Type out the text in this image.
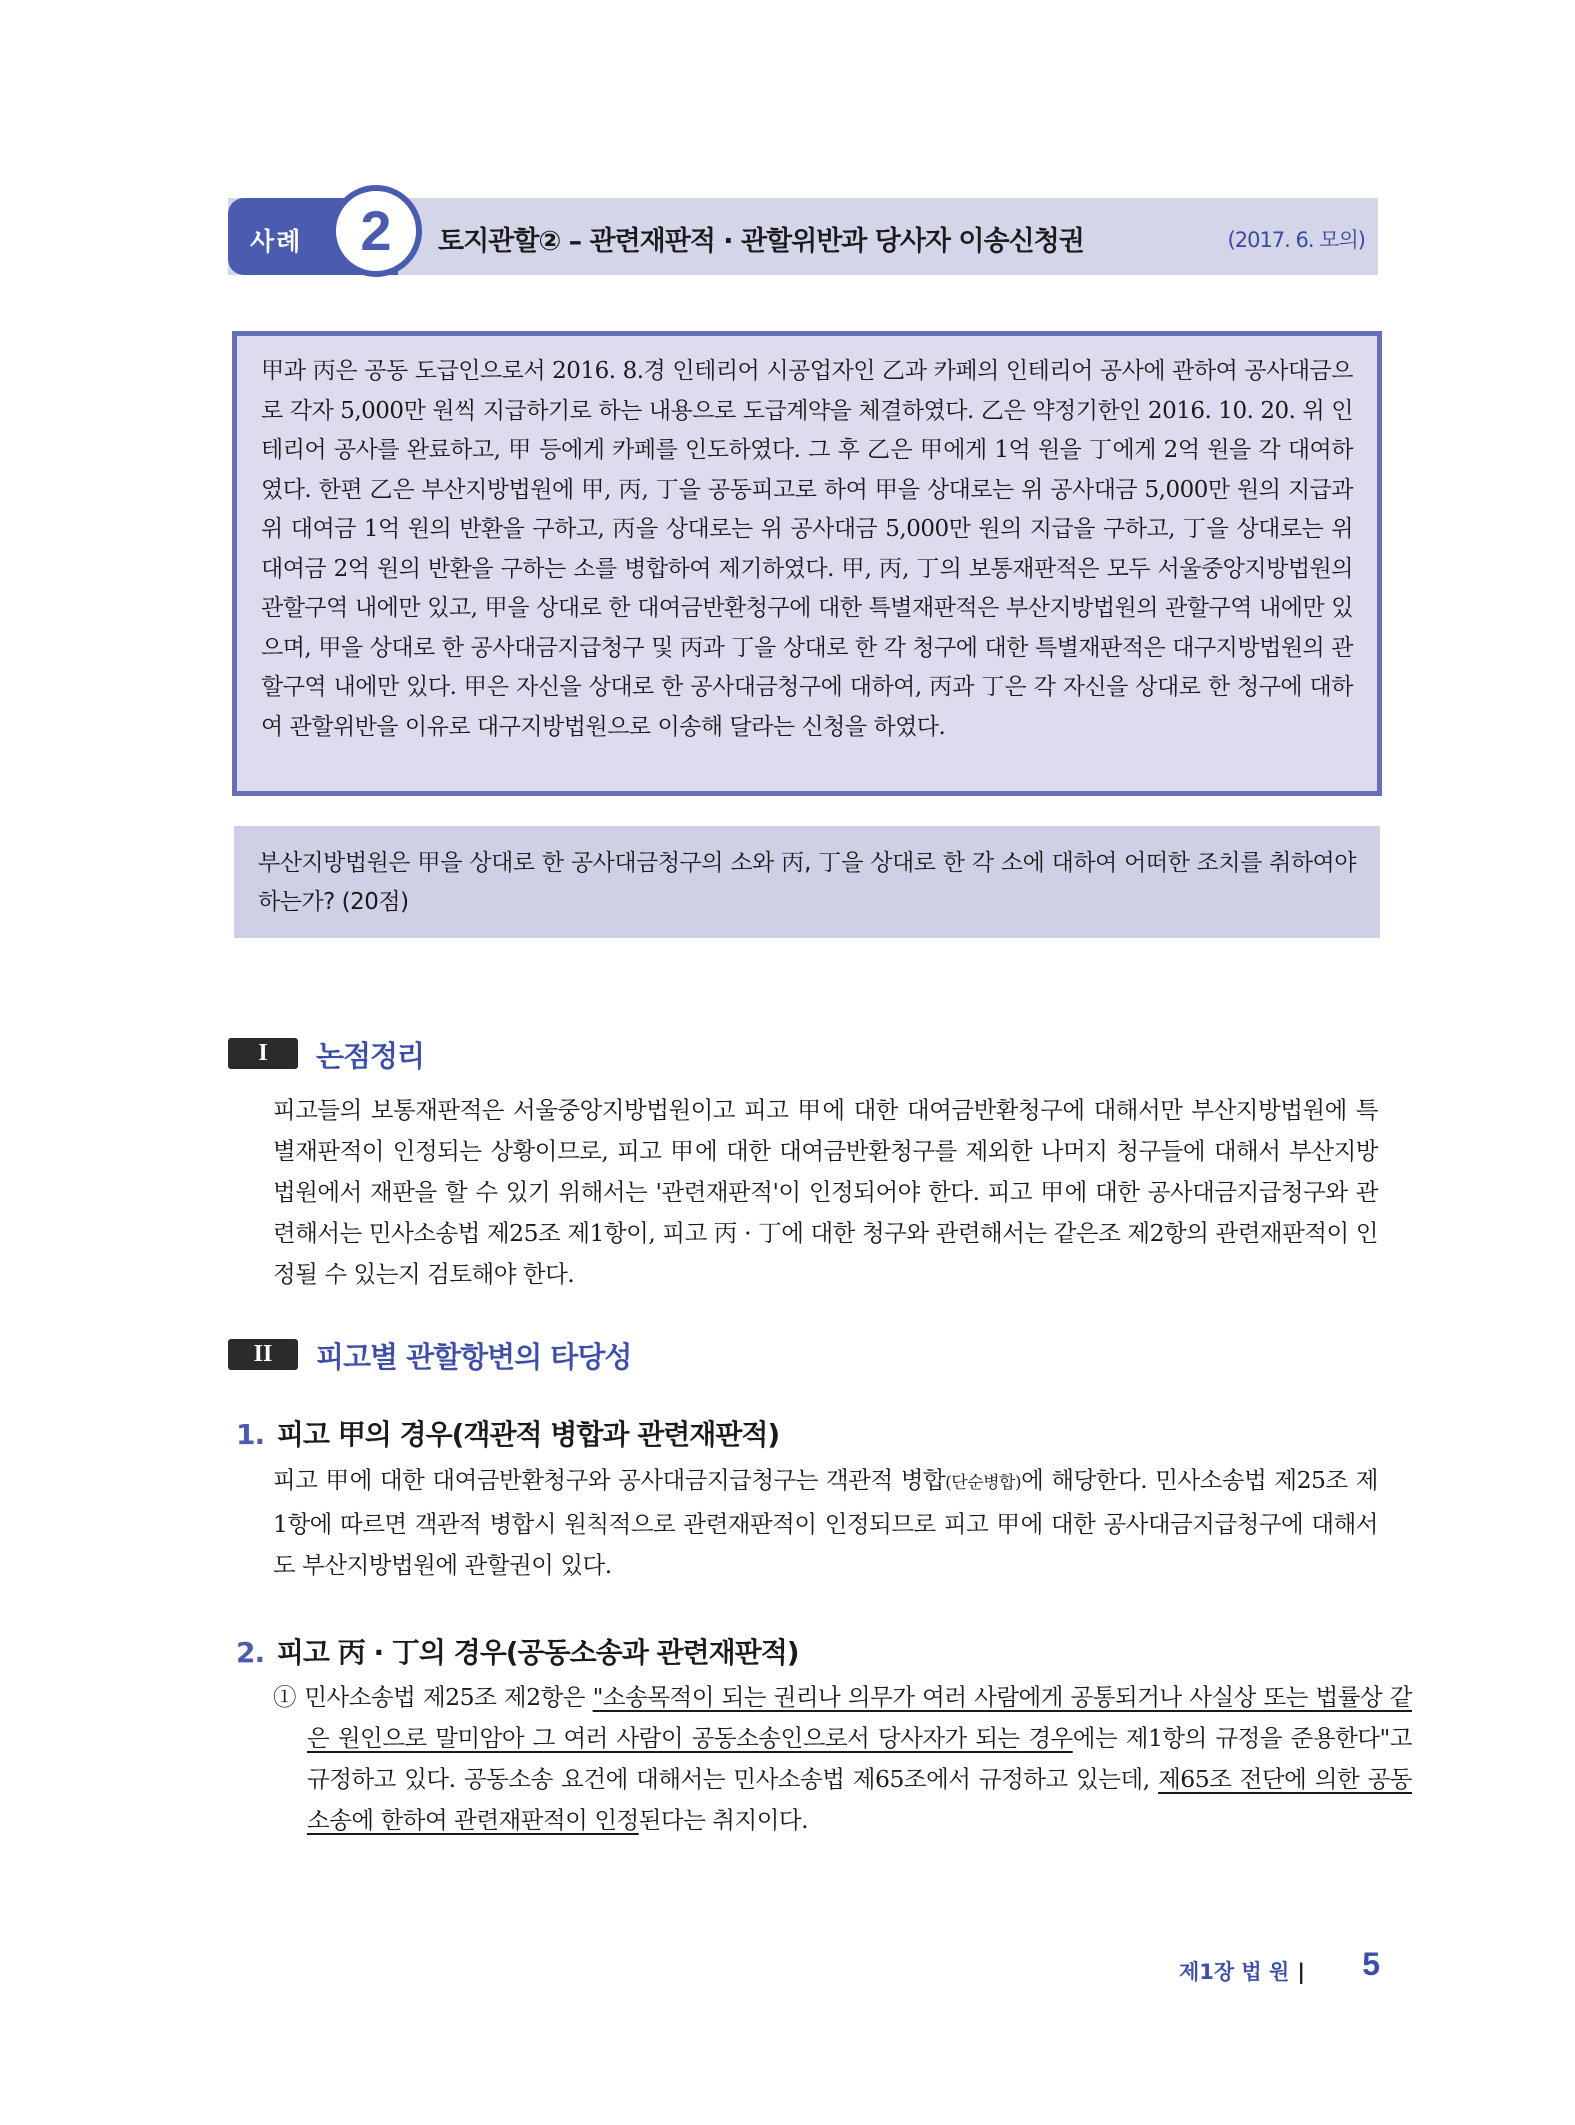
사례	2	토지관할② – 관련재판적 · 관할위반과 당사자 이송신청권	(2017. 6. 모의)

甲과 丙은 공동 도급인으로서 2016. 8.경 인테리어 시공업자인 乙과 카페의 인테리어 공사에 관하여 공사대금으로 각자 5,000만 원씩 지급하기로 하는 내용으로 도급계약을 체결하였다. 乙은 약정기한인 2016. 10. 20. 위 인테리어 공사를 완료하고, 甲 등에게 카페를 인도하였다. 그 후 乙은 甲에게 1억 원을 丁에게 2억 원을 각 대여하였다. 한편 乙은 부산지방법원에 甲, 丙, 丁을 공동피고로 하여 甲을 상대로는 위 공사대금 5,000만 원의 지급과 위 대여금 1억 원의 반환을 구하고, 丙을 상대로는 위 공사대금 5,000만 원의 지급을 구하고, 丁을 상대로는 위 대여금 2억 원의 반환을 구하는 소를 병합하여 제기하였다. 甲, 丙, 丁의 보통재판적은 모두 서울중앙지방법원의 관할구역 내에만 있고, 甲을 상대로 한 대여금반환청구에 대한 특별재판적은 부산지방법원의 관할구역 내에만 있으며, 甲을 상대로 한 공사대금지급청구 및 丙과 丁을 상대로 한 각 청구에 대한 특별재판적은 대구지방법원의 관할구역 내에만 있다. 甲은 자신을 상대로 한 공사대금청구에 대하여, 丙과 丁은 각 자신을 상대로 한 청구에 대하여 관할위반을 이유로 대구지방법원으로 이송해 달라는 신청을 하였다.

부산지방법원은 甲을 상대로 한 공사대금청구의 소와 丙, 丁을 상대로 한 각 소에 대하여 어떠한 조치를 취하여야 하는가? (20점)

I	논점정리

피고들의 보통재판적은 서울중앙지방법원이고 피고 甲에 대한 대여금반환청구에 대해서만 부산지방법원에 특별재판적이 인정되는 상황이므로, 피고 甲에 대한 대여금반환청구를 제외한 나머지 청구들에 대해서 부산지방법원에서 재판을 할 수 있기 위해서는 '관련재판적'이 인정되어야 한다. 피고 甲에 대한 공사대금지급청구와 관련해서는 민사소송법 제25조 제1항이, 피고 丙 · 丁에 대한 청구와 관련해서는 같은조 제2항의 관련재판적이 인정될 수 있는지 검토해야 한다.

II	피고별 관할항변의 타당성
1. 피고 甲의 경우(객관적 병합과 관련재판적)

피고 甲에 대한 대여금반환청구와 공사대금지급청구는 객관적 병합(단순병합)에 해당한다. 민사소송법 제25조 제1항에 따르면 객관적 병합시 원칙적으로 관련재판적이 인정되므로 피고 甲에 대한 공사대금지급청구에 대해서도 부산지방법원에 관할권이 있다.

2. 피고 丙 · 丁의 경우(공동소송과 관련재판적)

① 민사소송법 제25조 제2항은 "소송목적이 되는 권리나 의무가 여러 사람에게 공통되거나 사실상 또는 법률상 같은 원인으로 말미암아 그 여러 사람이 공동소송인으로서 당사자가 되는 경우에는 제1항의 규정을 준용한다"고 규정하고 있다. 공동소송 요건에 대해서는 민사소송법 제65조에서 규정하고 있는데, 제65조 전단에 의한 공동소송에 한하여 관련재판적이 인정된다는 취지이다.

제1장 법 원 |	5
